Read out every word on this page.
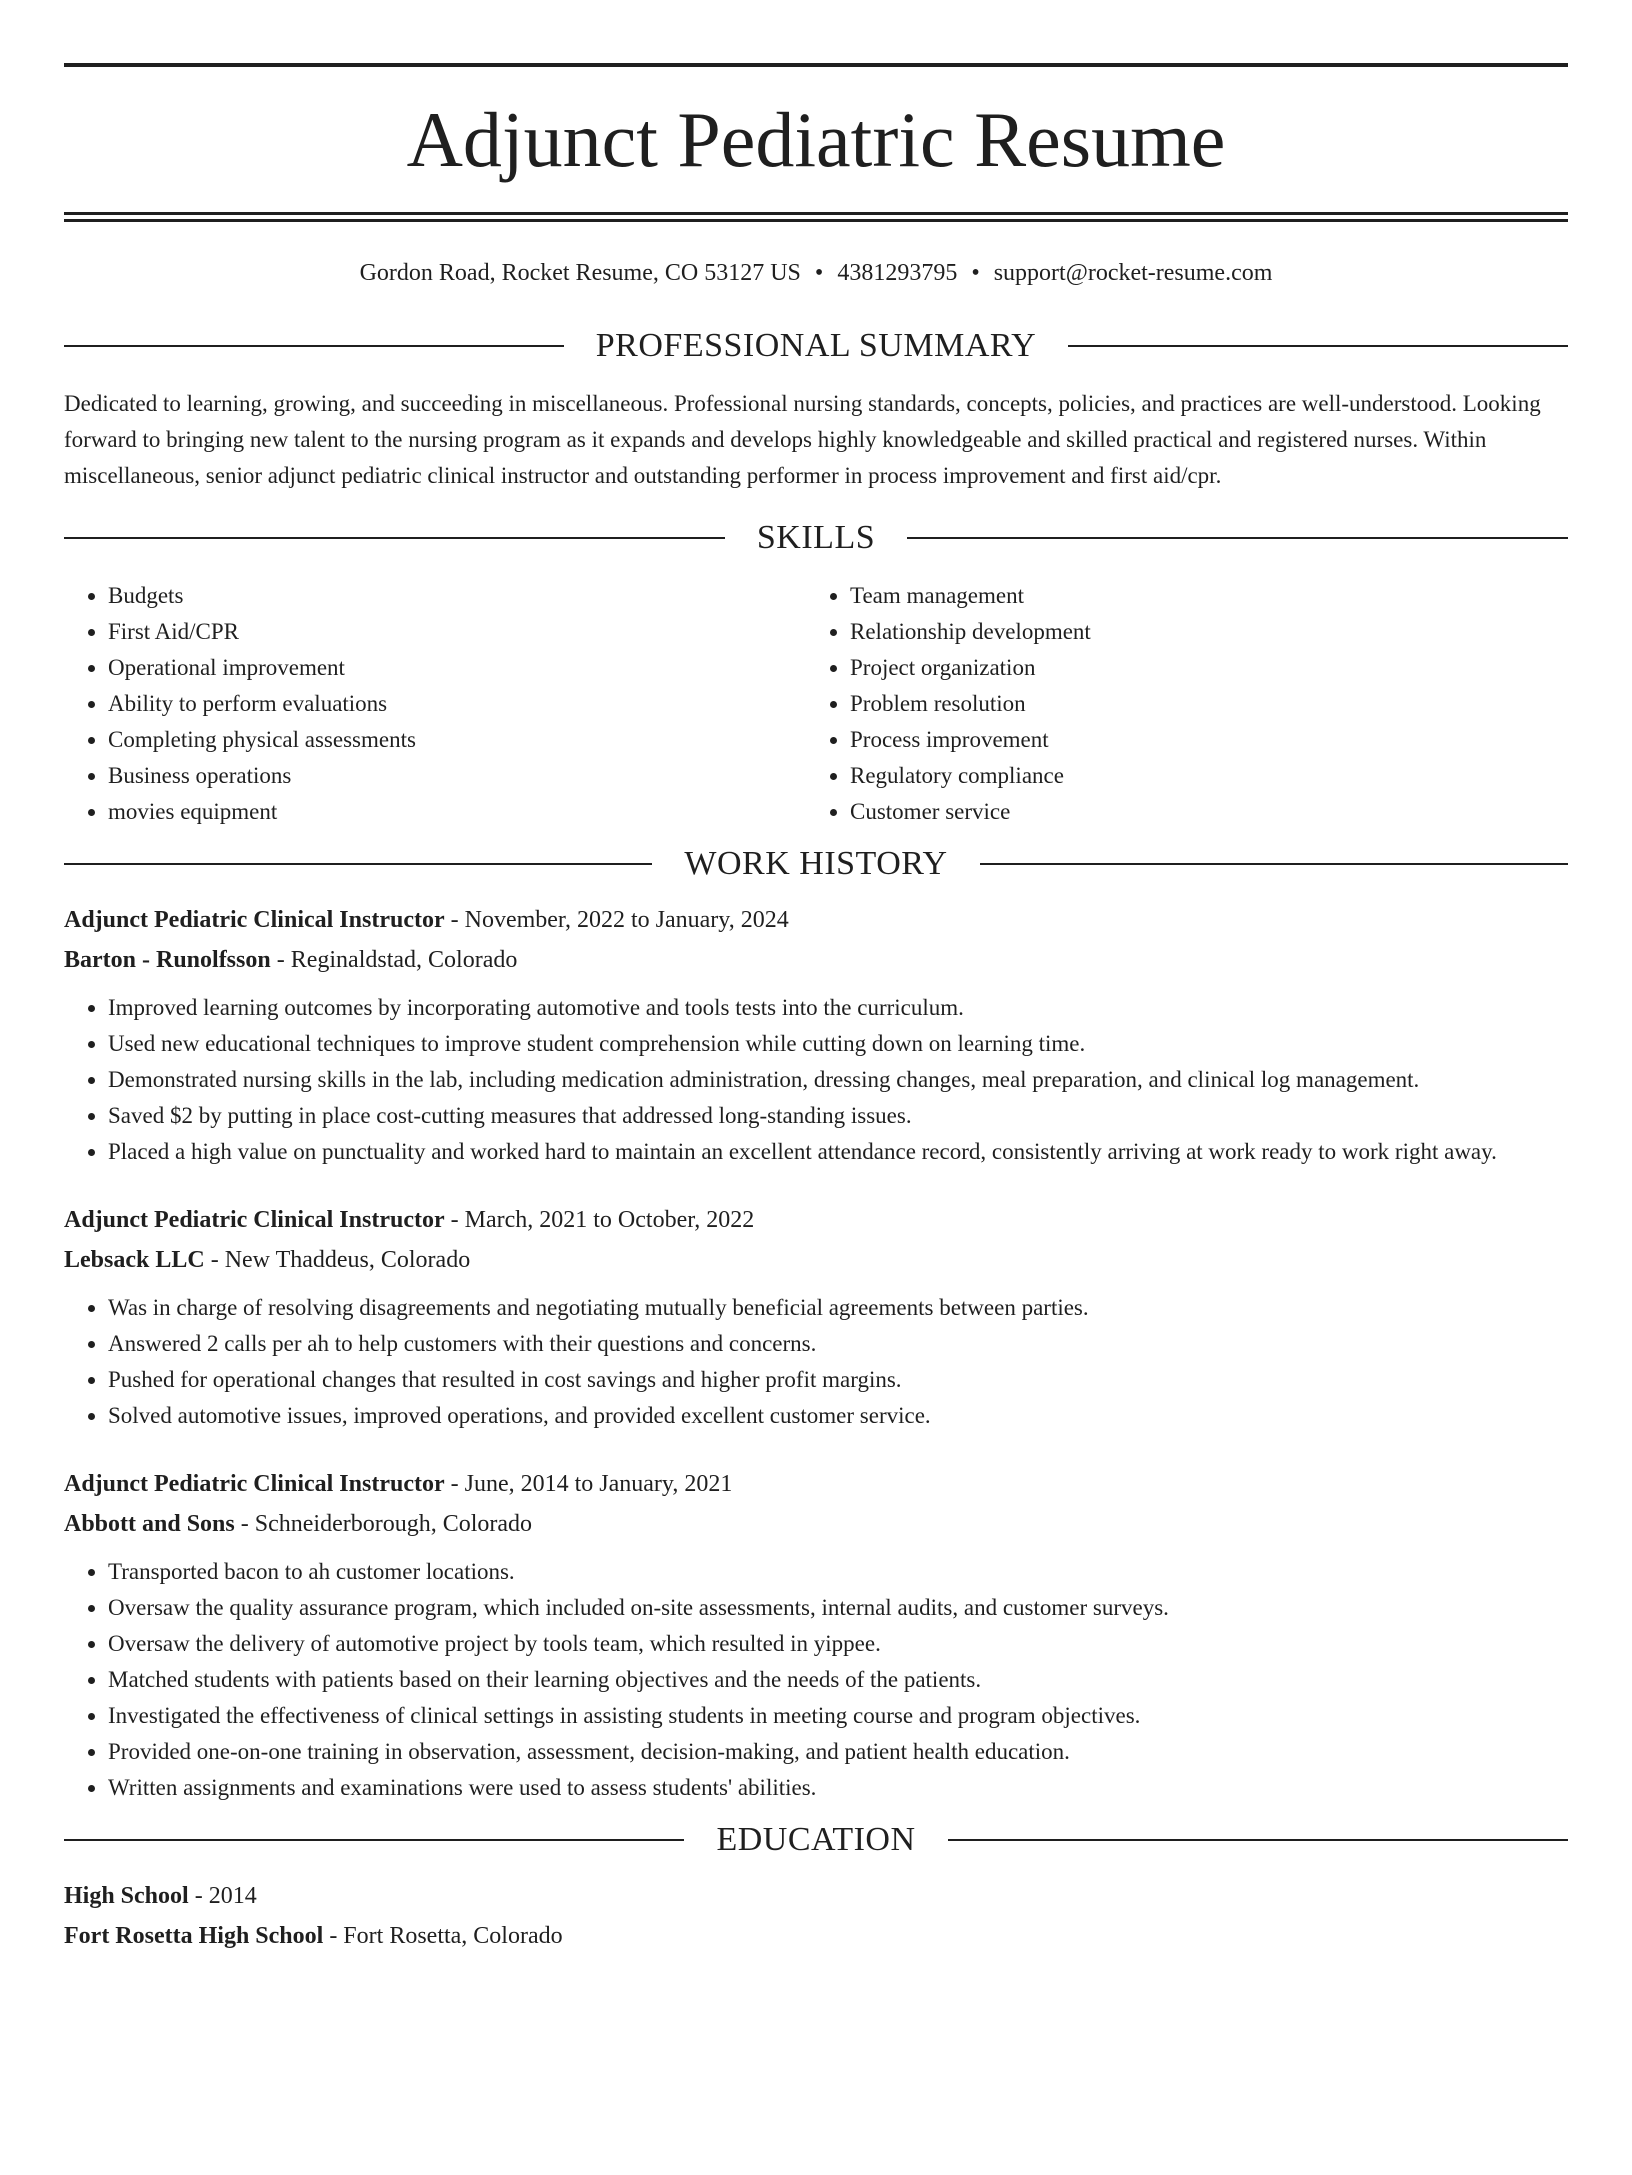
Adjunct Pediatric Resume
Gordon Road, Rocket Resume, CO 53127 US • 4381293795 • support@rocket-resume.com
PROFESSIONAL SUMMARY
Dedicated to learning, growing, and succeeding in miscellaneous. Professional nursing standards, concepts, policies, and practices are well-understood. Looking forward to bringing new talent to the nursing program as it expands and develops highly knowledgeable and skilled practical and registered nurses. Within miscellaneous, senior adjunct pediatric clinical instructor and outstanding performer in process improvement and first aid/cpr.
SKILLS
• Budgets
• First Aid/CPR
• Operational improvement
• Ability to perform evaluations
• Completing physical assessments
• Business operations
• movies equipment
• Team management
• Relationship development
• Project organization
• Problem resolution
• Process improvement
• Regulatory compliance
• Customer service
WORK HISTORY
Adjunct Pediatric Clinical Instructor - November, 2022 to January, 2024
Barton - Runolfsson - Reginaldstad, Colorado
• Improved learning outcomes by incorporating automotive and tools tests into the curriculum.
• Used new educational techniques to improve student comprehension while cutting down on learning time.
• Demonstrated nursing skills in the lab, including medication administration, dressing changes, meal preparation, and clinical log management.
• Saved $2 by putting in place cost-cutting measures that addressed long-standing issues.
• Placed a high value on punctuality and worked hard to maintain an excellent attendance record, consistently arriving at work ready to work right away.
Adjunct Pediatric Clinical Instructor - March, 2021 to October, 2022
Lebsack LLC - New Thaddeus, Colorado
• Was in charge of resolving disagreements and negotiating mutually beneficial agreements between parties.
• Answered 2 calls per ah to help customers with their questions and concerns.
• Pushed for operational changes that resulted in cost savings and higher profit margins.
• Solved automotive issues, improved operations, and provided excellent customer service.
Adjunct Pediatric Clinical Instructor - June, 2014 to January, 2021
Abbott and Sons - Schneiderborough, Colorado
• Transported bacon to ah customer locations.
• Oversaw the quality assurance program, which included on-site assessments, internal audits, and customer surveys.
• Oversaw the delivery of automotive project by tools team, which resulted in yippee.
• Matched students with patients based on their learning objectives and the needs of the patients.
• Investigated the effectiveness of clinical settings in assisting students in meeting course and program objectives.
• Provided one-on-one training in observation, assessment, decision-making, and patient health education.
• Written assignments and examinations were used to assess students' abilities.
EDUCATION
High School - 2014
Fort Rosetta High School - Fort Rosetta, Colorado
